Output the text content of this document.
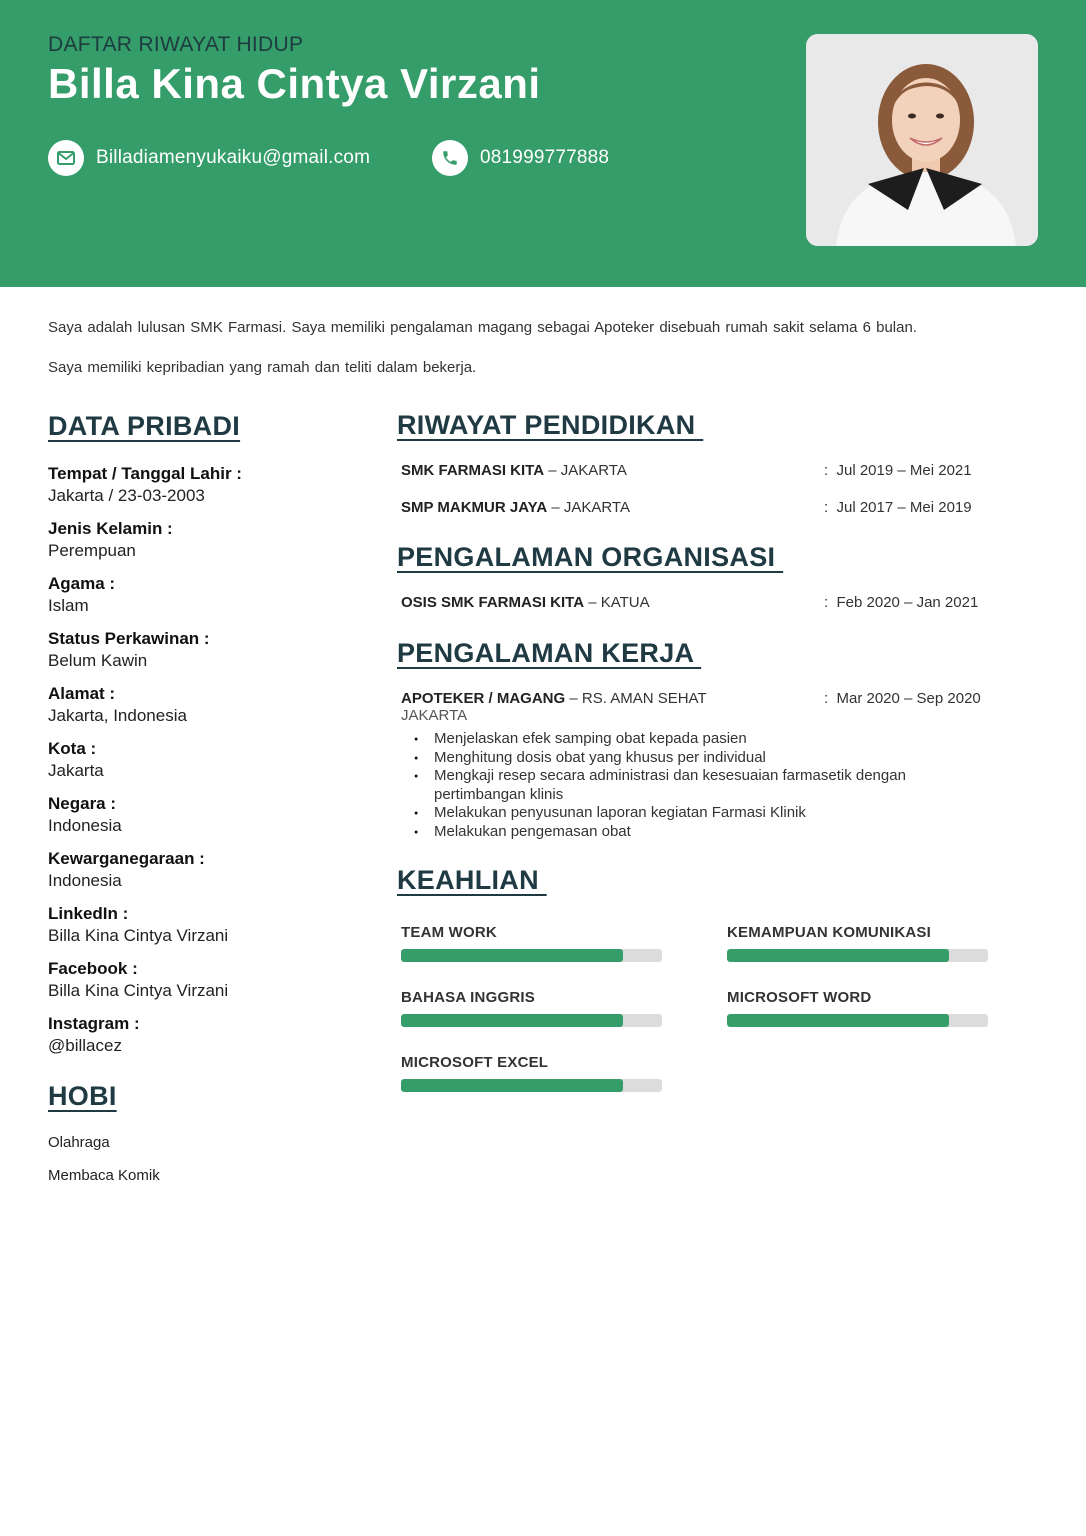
DAFTAR RIWAYAT HIDUP
Billa Kina Cintya Virzani
Billadiamenyukaiku@gmail.com	081999777888

Saya adalah lulusan SMK Farmasi. Saya memiliki pengalaman magang sebagai Apoteker disebuah rumah sakit selama 6 bulan.

Saya memiliki kepribadian yang ramah dan teliti dalam bekerja.

DATA PRIBADI
Tempat / Tanggal Lahir :
Jakarta / 23-03-2003
Jenis Kelamin :
Perempuan
Agama :
Islam
Status Perkawinan :
Belum Kawin
Alamat :
Jakarta, Indonesia
Kota :
Jakarta
Negara :
Indonesia
Kewarganegaraan :
Indonesia
LinkedIn :
Billa Kina Cintya Virzani
Facebook :
Billa Kina Cintya Virzani
Instagram :
@billacez
HOBI
Olahraga
Membaca Komik
RIWAYAT PENDIDIKAN
SMK FARMASI KITA – JAKARTA	:  Jul 2019 – Mei 2021
SMP MAKMUR JAYA – JAKARTA	:  Jul 2017 – Mei 2019
PENGALAMAN ORGANISASI
OSIS SMK FARMASI KITA – KATUA	:  Feb 2020 – Jan 2021
PENGALAMAN KERJA
APOTEKER / MAGANG – RS. AMAN SEHAT
JAKARTA
:  Mar 2020 – Sep 2020
● Menjelaskan efek samping obat kepada pasien
● Menghitung dosis obat yang khusus per individual
● Mengkaji resep secara administrasi dan kesesuaian farmasetik dengan pertimbangan klinis
● Melakukan penyusunan laporan kegiatan Farmasi Klinik
● Melakukan pengemasan obat
KEAHLIAN
TEAM WORK	KEMAMPUAN KOMUNIKASI
BAHASA INGGRIS	MICROSOFT WORD
MICROSOFT EXCEL
